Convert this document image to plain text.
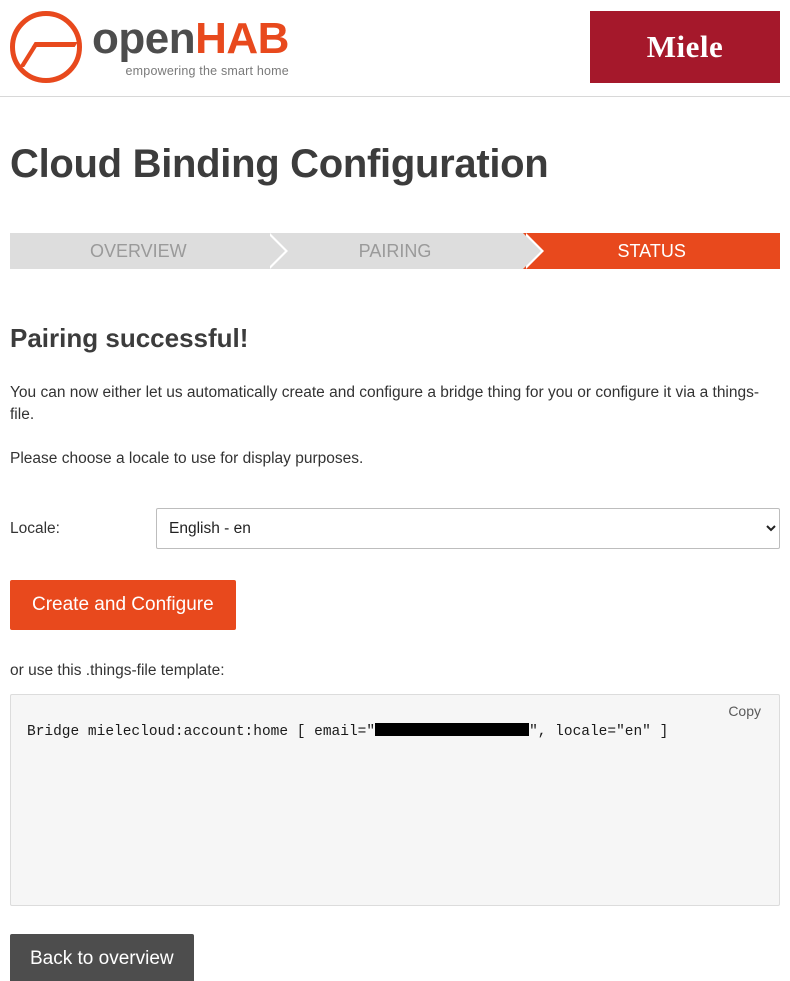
openHAB
empowering the smart home
Miele
Cloud Binding Configuration
OVERVIEW	PAIRING	STATUS
Pairing successful!

You can now either let us automatically create and configure a bridge thing for you or configure it via a things-file.

Please choose a locale to use for display purposes.

Locale:
English - en
Create and Configure
or use this .things-file template:
Copy
Bridge mielecloud:account:home [ email="	", locale="en" ]
Back to overview
